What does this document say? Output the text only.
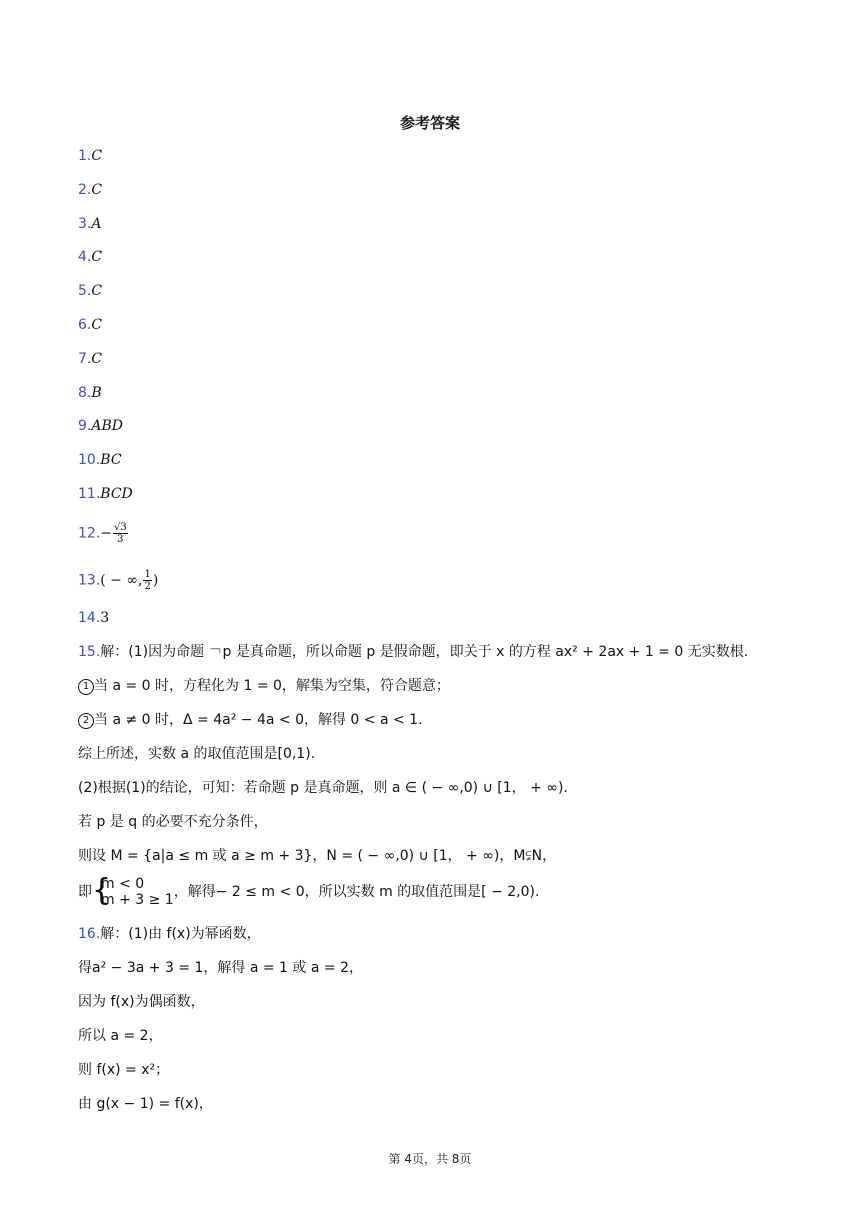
参考答案
1.C
2.C
3.A
4.C
5.C
6.C
7.C
8.B
9.ABD
10.BC
11.BCD
$12.- \frac{√3}{3}$
13.( − ∞, $\frac{1}{2}$ )
14.3
15.解：(1)因为命题 ￢p 是真命题，所以命题 p 是假命题，即关于 x 的方程 ax² + 2ax + 1 = 0 无实数根.
1 当 a = 0 时，方程化为 1 = 0，解集为空集，符合题意；
2 当 a ≠ 0 时，Δ = 4a² − 4a < 0，解得 0 < a < 1.
综上所述，实数 a 的取值范围是[0,1).
(2)根据(1)的结论，可知：若命题 p 是真命题，则 a ∈ ( − ∞,0) ∪ [1， + ∞).
若 p 是 q 的必要不充分条件，
则设 M = {a|a ≤ m 或 a ≥ m + 3}，N = ( − ∞,0) ∪ [1， + ∞)，M⫋N，
即 {
m < 0
m + 3 ≥ 1 ，解得− 2 ≤ m < 0，所以实数 m 的取值范围是[ − 2,0).
16.解：(1)由 f(x)为幂函数，
得a² − 3a + 3 = 1，解得 a = 1 或 a = 2，
因为 f(x)为偶函数，
所以 a = 2，
则 f(x) = x²；
由 g(x − 1) = f(x)，
第 4页，共 8页
